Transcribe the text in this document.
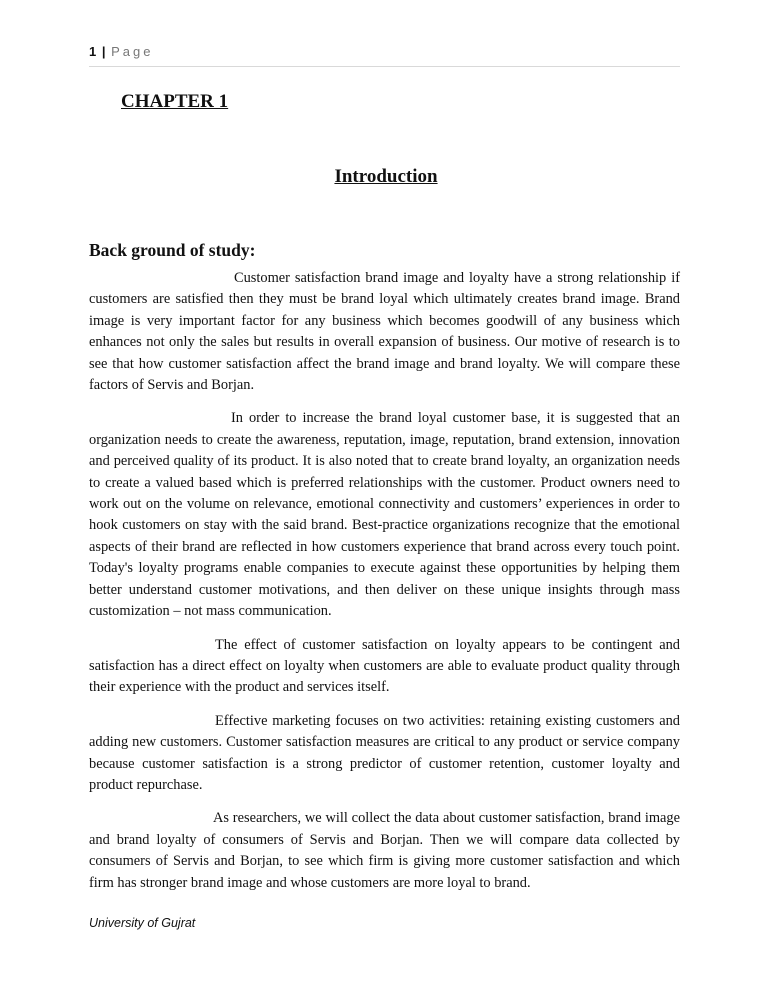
1 | Page
CHAPTER 1
Introduction
Back ground of study:

Customer satisfaction brand image and loyalty have a strong relationship if customers are satisfied then they must be brand loyal which ultimately creates brand image. Brand image is very important factor for any business which becomes goodwill of any business which enhances not only the sales but results in overall expansion of business. Our motive of research is to see that how customer satisfaction affect the brand image and brand loyalty. We will compare these factors of Servis and Borjan.

In order to increase the brand loyal customer base, it is suggested that an organization needs to create the awareness, reputation, image, reputation, brand extension, innovation and perceived quality of its product. It is also noted that to create brand loyalty, an organization needs to create a valued based which is preferred relationships with the customer. Product owners need to work out on the volume on relevance, emotional connectivity and customers’ experiences in order to hook customers on stay with the said brand. Best-practice organizations recognize that the emotional aspects of their brand are reflected in how customers experience that brand across every touch point. Today's loyalty programs enable companies to execute against these opportunities by helping them better understand customer motivations, and then deliver on these unique insights through mass customization – not mass communication.

The effect of customer satisfaction on loyalty appears to be contingent and satisfaction has a direct effect on loyalty when customers are able to evaluate product quality through their experience with the product and services itself.

Effective marketing focuses on two activities: retaining existing customers and adding new customers. Customer satisfaction measures are critical to any product or service company because customer satisfaction is a strong predictor of customer retention, customer loyalty and product repurchase.

As researchers, we will collect the data about customer satisfaction, brand image and brand loyalty of consumers of Servis and Borjan. Then we will compare data collected by consumers of Servis and Borjan, to see which firm is giving more customer satisfaction and which firm has stronger brand image and whose customers are more loyal to brand.

University of Gujrat
